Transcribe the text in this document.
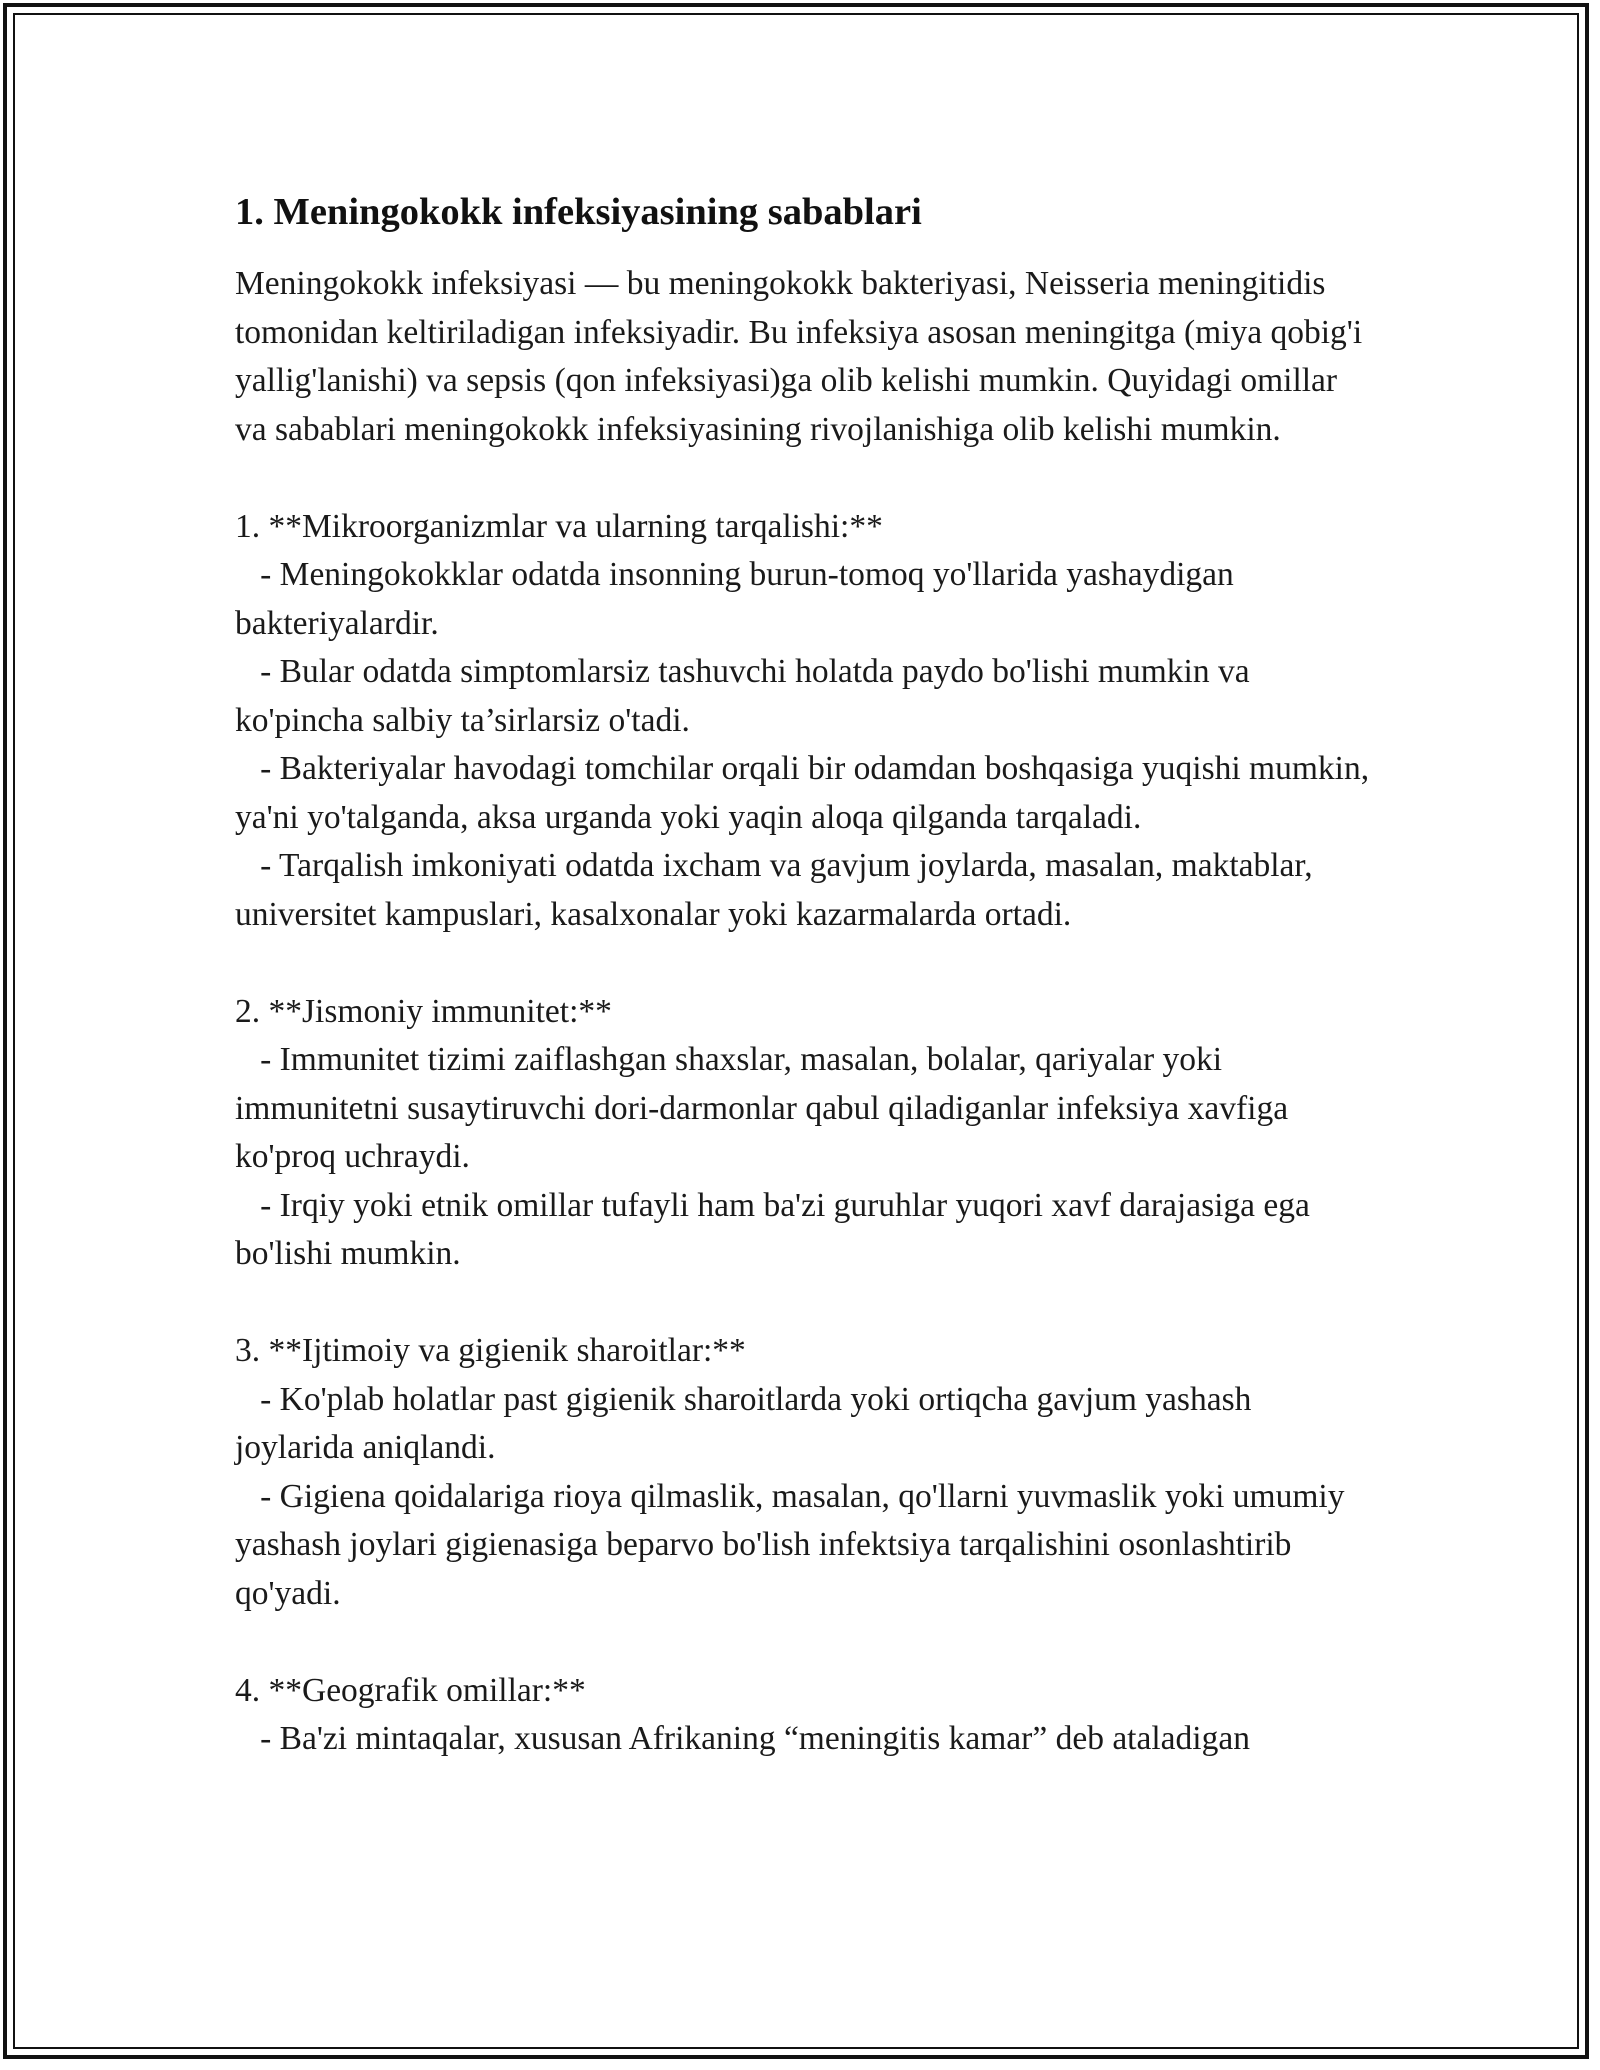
1. Meningokokk infeksiyasining sabablari

Meningokokk infeksiyasi — bu meningokokk bakteriyasi, Neisseria meningitidis tomonidan keltiriladigan infeksiyadir. Bu infeksiya asosan meningitga (miya qobig'i yallig'lanishi) va sepsis (qon infeksiyasi)ga olib kelishi mumkin. Quyidagi omillar va sabablari meningokokk infeksiyasining rivojlanishiga olib kelishi mumkin.

1. **Mikroorganizmlar va ularning tarqalishi:**

- Meningokokklar odatda insonning burun-tomoq yo'llarida yashaydigan bakteriyalardir.

- Bular odatda simptomlarsiz tashuvchi holatda paydo bo'lishi mumkin va ko'pincha salbiy ta’sirlarsiz o'tadi.

- Bakteriyalar havodagi tomchilar orqali bir odamdan boshqasiga yuqishi mumkin, ya'ni yo'talganda, aksa urganda yoki yaqin aloqa qilganda tarqaladi.

- Tarqalish imkoniyati odatda ixcham va gavjum joylarda, masalan, maktablar, universitet kampuslari, kasalxonalar yoki kazarmalarda ortadi.

2. **Jismoniy immunitet:**

- Immunitet tizimi zaiflashgan shaxslar, masalan, bolalar, qariyalar yoki immunitetni susaytiruvchi dori-darmonlar qabul qiladiganlar infeksiya xavfiga ko'proq uchraydi.

- Irqiy yoki etnik omillar tufayli ham ba'zi guruhlar yuqori xavf darajasiga ega bo'lishi mumkin.

3. **Ijtimoiy va gigienik sharoitlar:**

- Ko'plab holatlar past gigienik sharoitlarda yoki ortiqcha gavjum yashash joylarida aniqlandi.

- Gigiena qoidalariga rioya qilmaslik, masalan, qo'llarni yuvmaslik yoki umumiy yashash joylari gigienasiga beparvo bo'lish infektsiya tarqalishini osonlashtirib qo'yadi.

4. **Geografik omillar:**

- Ba'zi mintaqalar, xususan Afrikaning “meningitis kamar” deb ataladigan
